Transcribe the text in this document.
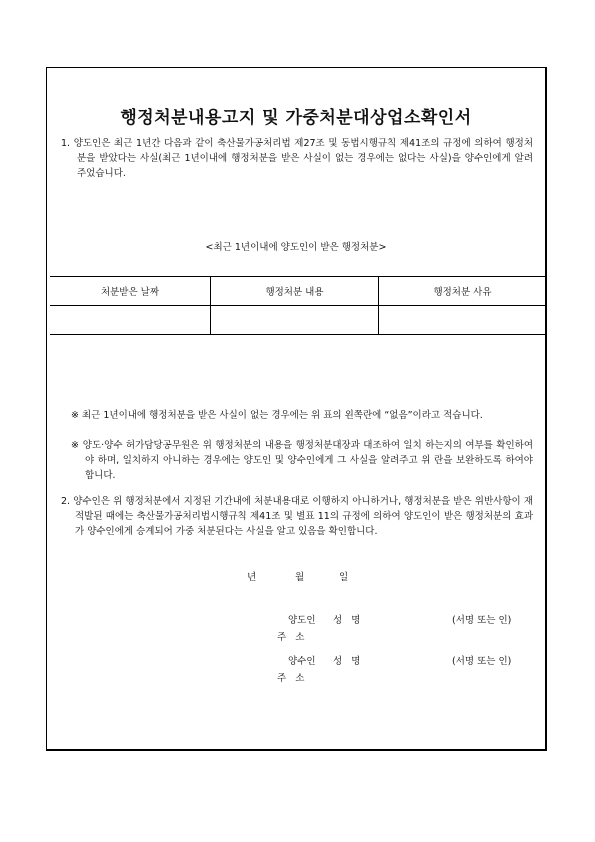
행정처분내용고지 및 가중처분대상업소확인서
1. 양도인은 최근 1년간 다음과 같이 축산물가공처리법 제27조 및 동법시행규칙 제41조의 규정에 의하여 행정처분을 받았다는 사실(최근 1년이내에 행정처분을 받은 사실이 없는 경우에는 없다는 사실)을 양수인에게 알려 주었습니다.
<최근 1년이내에 양도인이 받은 행정처분>
처분받은 날짜	행정처분 내용	행정처분 사유

※ 최근 1년이내에 행정처분을 받은 사실이 없는 경우에는 위 표의 왼쪽란에 “없음”이라고 적습니다.
※ 양도·양수 허가담당공무원은 위 행정처분의 내용을 행정처분대장과 대조하여 일치 하는지의 여부를 확인하여야 하며, 일치하지 아니하는 경우에는 양도인 및 양수인에게 그 사실을 알려주고 위 란을 보완하도록 하여야 합니다.
2. 양수인은 위 행정처분에서 지정된 기간내에 처분내용대로 이행하지 아니하거나, 행정처분을 받은 위반사항이 재적발된 때에는 축산물가공처리법시행규칙 제41조 및 별표 11의 규정에 의하여 양도인이 받은 행정처분의 효과가 양수인에게 승계되어 가중 처분된다는 사실을 알고 있음을 확인합니다.
년	월	일
양도인 성   명	(서명 또는 인)
주   소
양수인 성   명	(서명 또는 인)
주   소
